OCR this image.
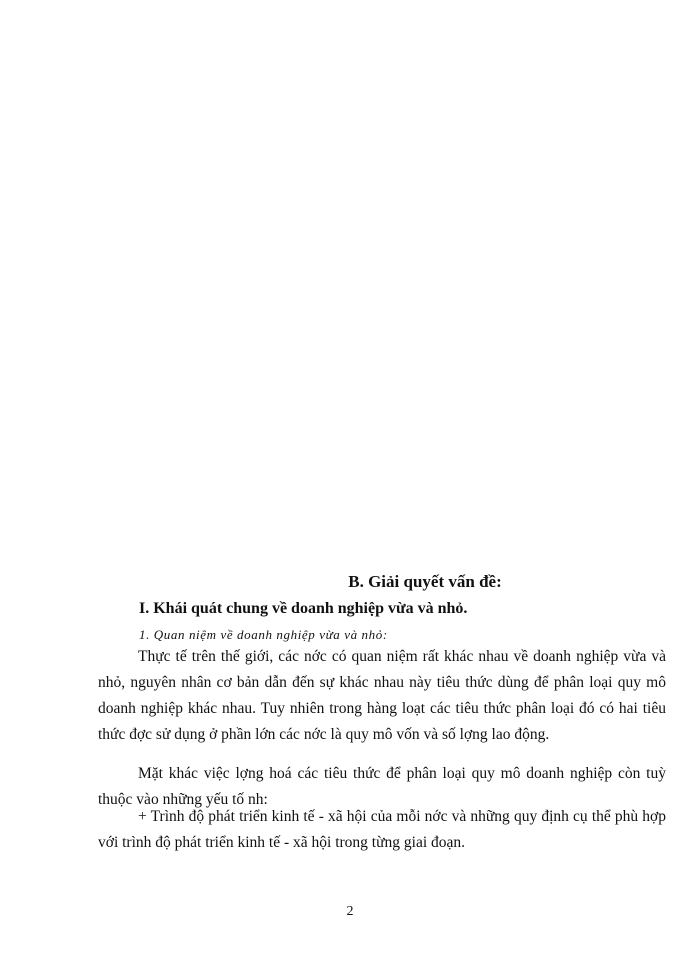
B. Giải quyết vấn đề:
I. Khái quát chung về doanh nghiệp vừa và nhỏ.
1. Quan niệm về doanh nghiệp vừa và nhỏ:

Thực tế trên thế giới, các nớc có quan niệm rất khác nhau về doanh nghiệp vừa và nhỏ, nguyên nhân cơ bản dẫn đến sự khác nhau này tiêu thức dùng để phân loại quy mô doanh nghiệp khác nhau. Tuy nhiên trong hàng loạt các tiêu thức phân loại đó có hai tiêu thức đợc sử dụng ở phần lớn các nớc là quy mô vốn và số lợng lao động.

Mặt khác việc lợng hoá các tiêu thức để phân loại quy mô doanh nghiệp còn tuỳ thuộc vào những yếu tố nh:

+ Trình độ phát triển kinh tế - xã hội của mỗi nớc và những quy định cụ thể phù hợp với trình độ phát triển kinh tế - xã hội trong từng giai đoạn.

2
